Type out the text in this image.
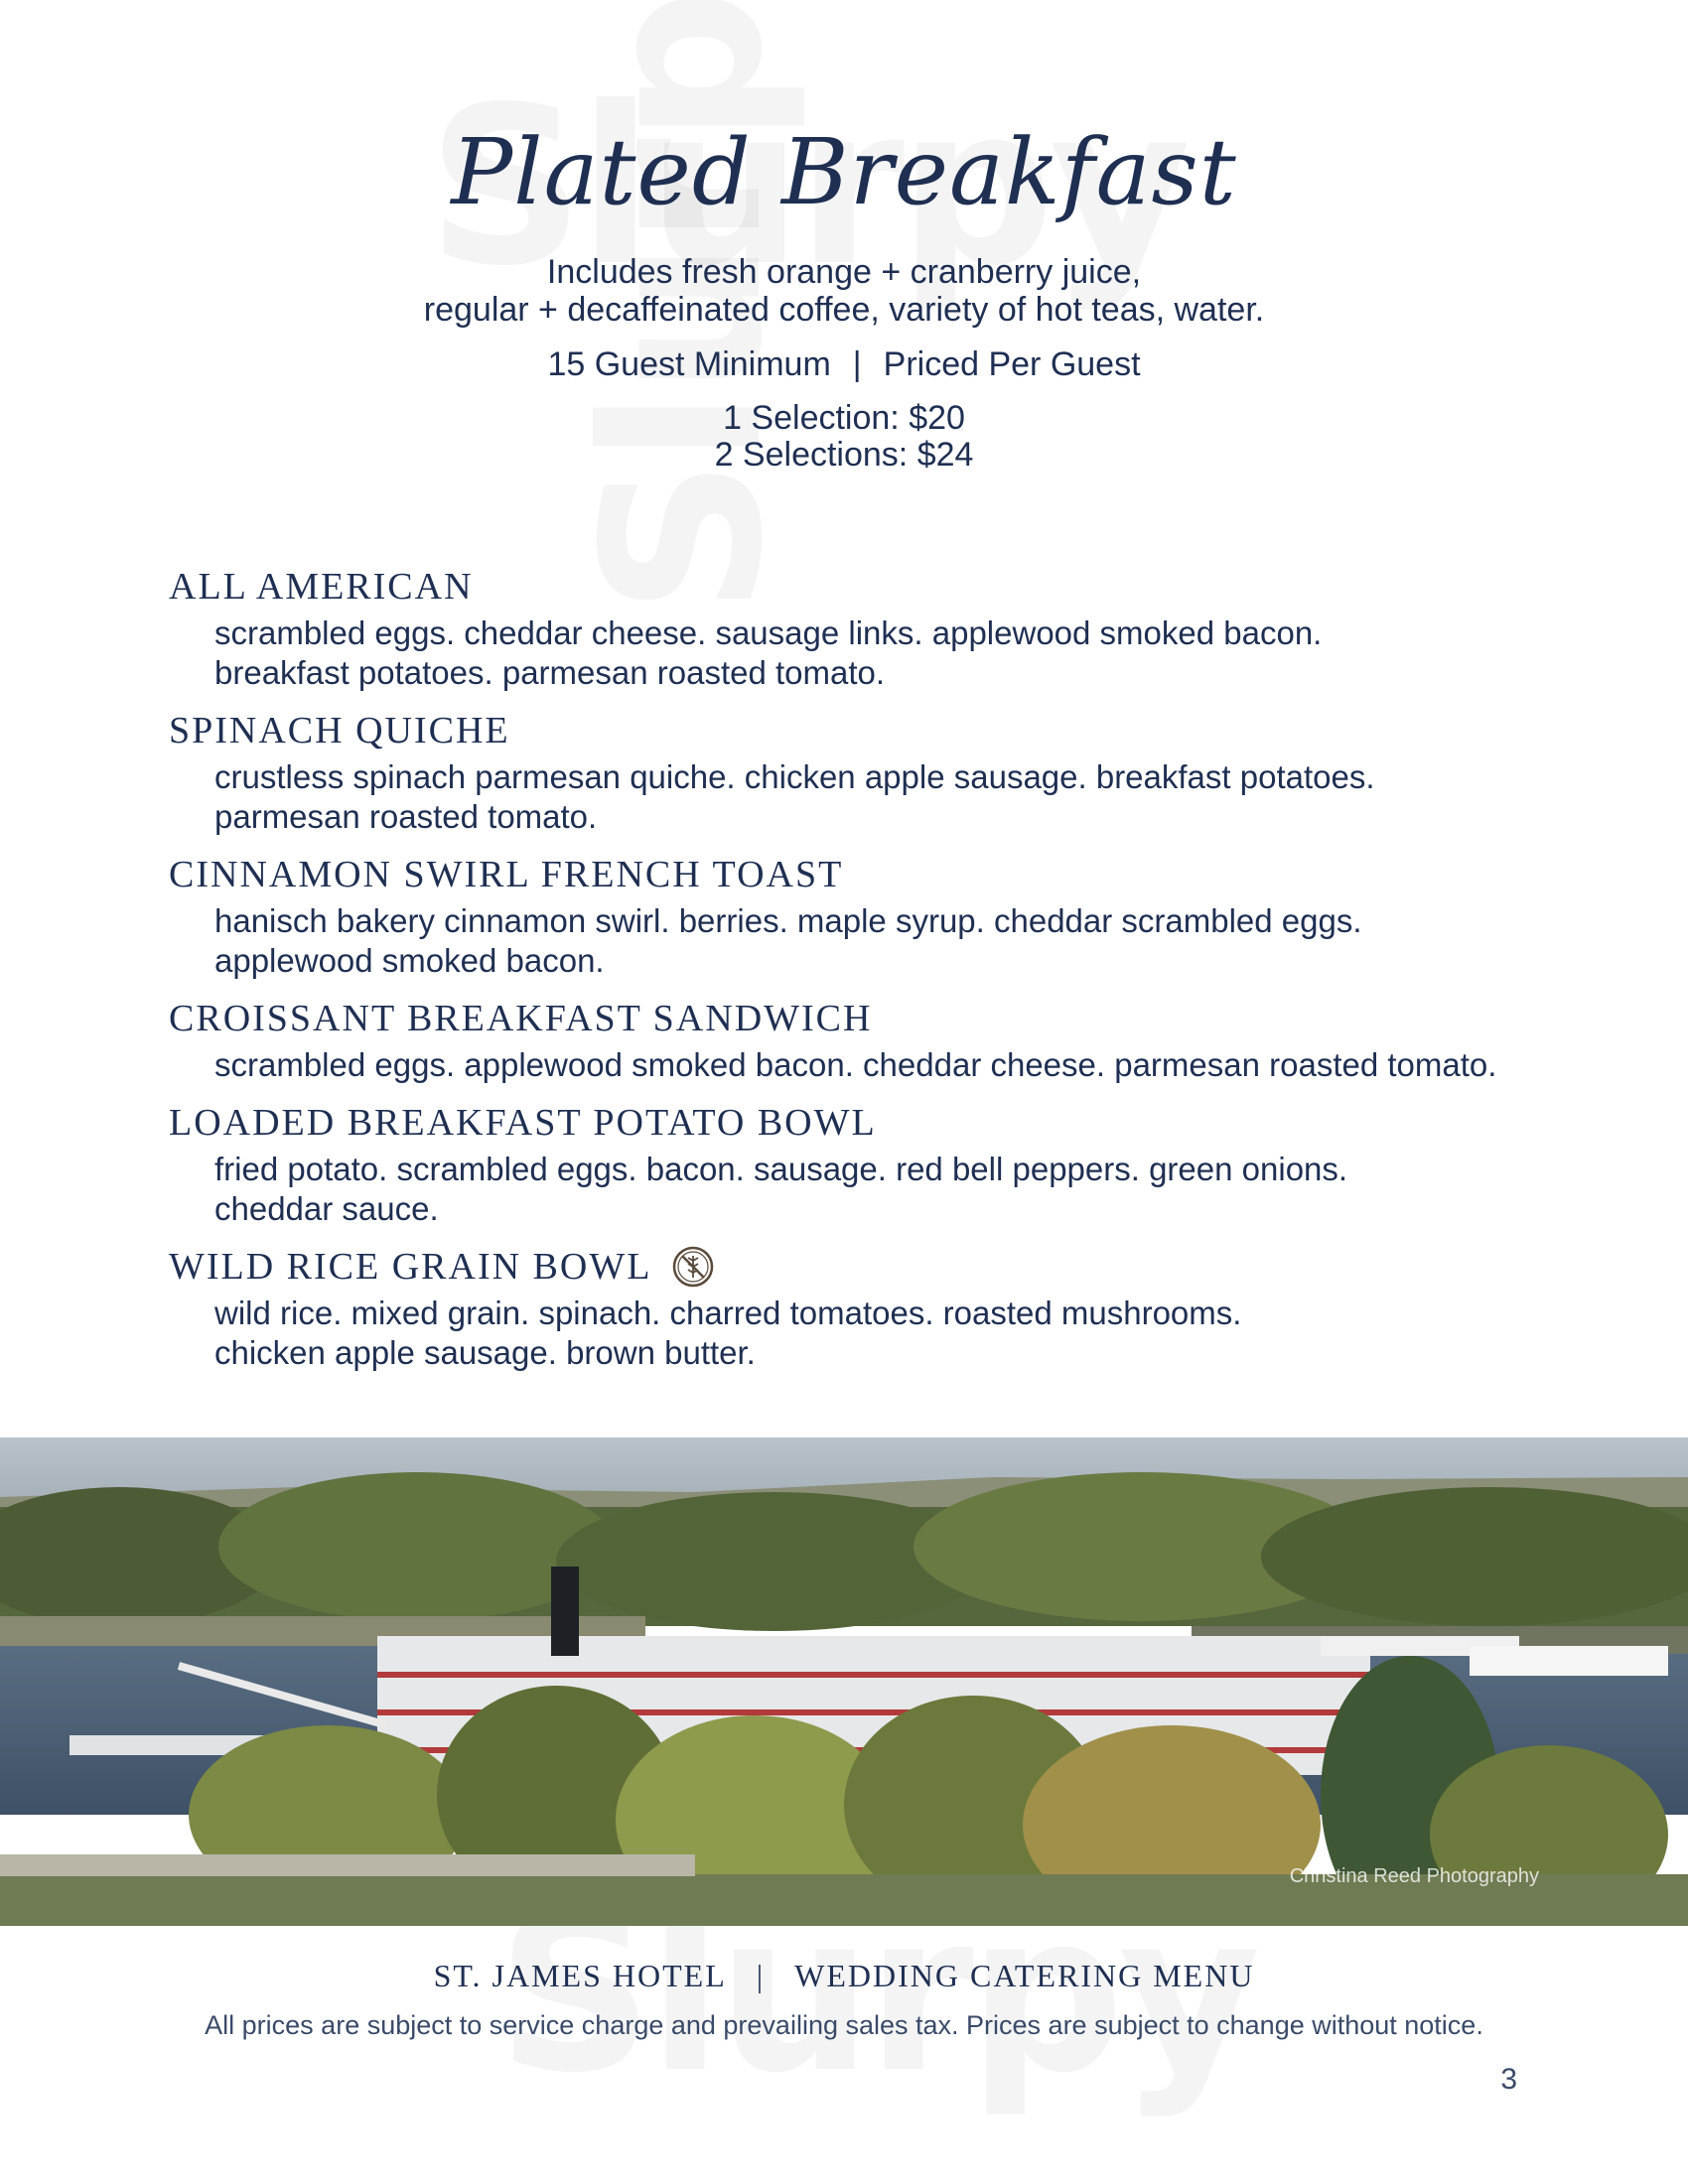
Plated Breakfast
Includes fresh orange + cranberry juice,
regular + decaffeinated coffee, variety of hot teas, water.
15 Guest Minimum | Priced Per Guest
1 Selection: $20
2 Selections: $24
ALL AMERICAN
scrambled eggs. cheddar cheese. sausage links. applewood smoked bacon.
breakfast potatoes. parmesan roasted tomato.
SPINACH QUICHE
crustless spinach parmesan quiche. chicken apple sausage. breakfast potatoes.
parmesan roasted tomato.
CINNAMON SWIRL FRENCH TOAST
hanisch bakery cinnamon swirl. berries. maple syrup. cheddar scrambled eggs.
applewood smoked bacon.
CROISSANT BREAKFAST SANDWICH
scrambled eggs. applewood smoked bacon. cheddar cheese. parmesan roasted tomato.
LOADED BREAKFAST POTATO BOWL
fried potato. scrambled eggs. bacon. sausage. red bell peppers. green onions.
cheddar sauce.
WILD RICE GRAIN BOWL
wild rice. mixed grain. spinach. charred tomatoes. roasted mushrooms.
chicken apple sausage. brown butter.
Christina Reed Photography
ST. JAMES HOTEL | WEDDING CATERING MENU
All prices are subject to service charge and prevailing sales tax. Prices are subject to change without notice.
3
